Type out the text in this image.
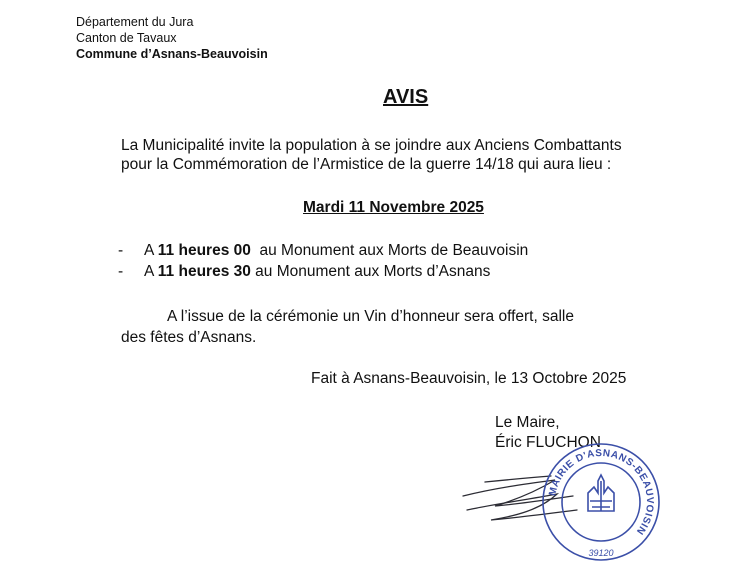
Département du Jura
Canton de Tavaux
Commune d’Asnans-Beauvoisin
AVIS
La Municipalité invite la population à se joindre aux Anciens Combattants
pour la Commémoration de l’Armistice de la guerre 14/18 qui aura lieu :
Mardi 11 Novembre 2025
- A 11 heures 00  au Monument aux Morts de Beauvoisin
- A 11 heures 30 au Monument aux Morts d’Asnans
A l’issue de la cérémonie un Vin d’honneur sera offert, salle
des fêtes d’Asnans.
Fait à Asnans-Beauvoisin, le 13 Octobre 2025
Le Maire,
Éric FLUCHON
MAIRIE D'ASNANS-BEAUVOISIN
39120
